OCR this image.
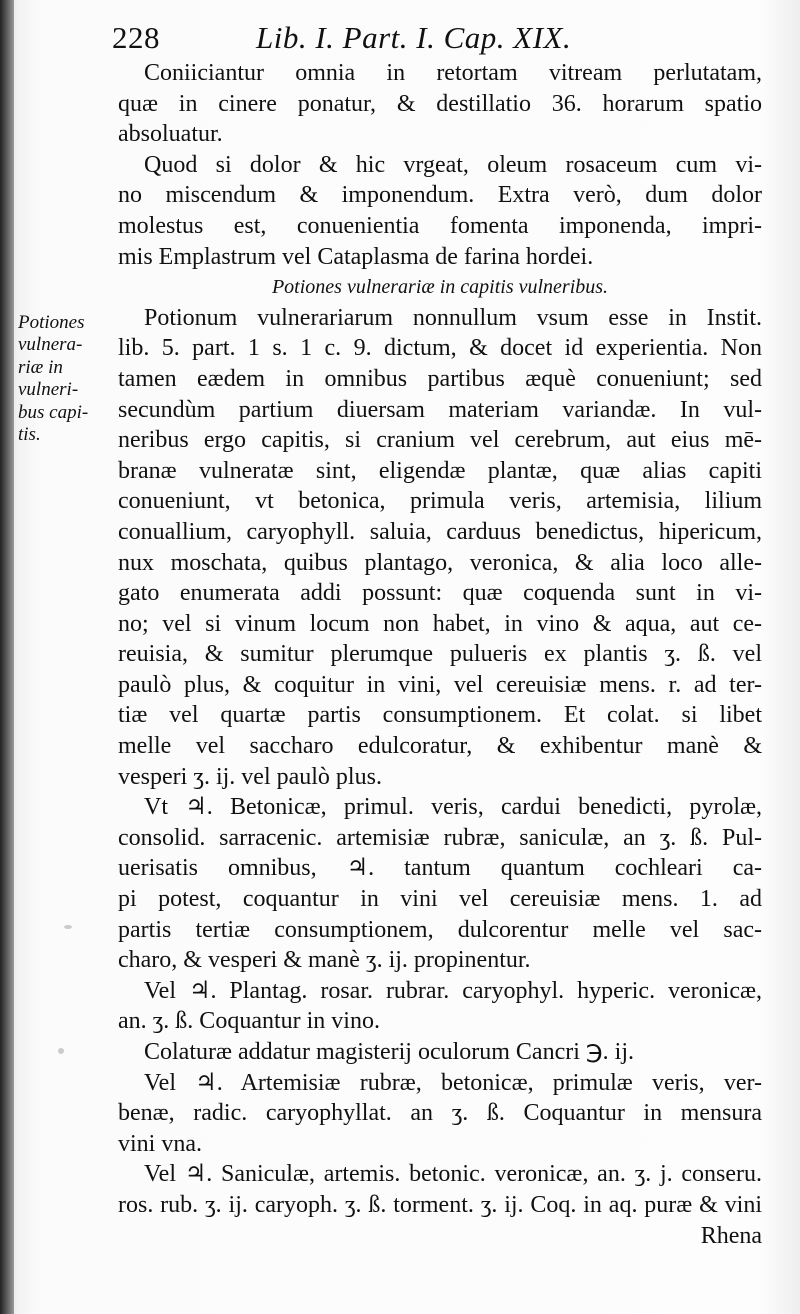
228	Lib. I. Part. I. Cap. XIX.
Potiones
vulnera-
riæ in
vulneri-
bus capi-
tis.
Coniiciantur omnia in retortam vitream perlutatam,
quæ in cinere ponatur, & destillatio 36. horarum spatio
absoluatur.
Quod si dolor & hic vrgeat, oleum rosaceum cum vi-
no miscendum & imponendum. Extra verò, dum dolor
molestus est, conuenientia fomenta imponenda, impri-
mis Emplastrum vel Cataplasma de farina hordei.
Potiones vulnerariæ in capitis vulneribus.
Potionum vulnerariarum nonnullum vsum esse in Instit.
lib. 5. part. 1 s. 1 c. 9. dictum, & docet id experientia. Non
tamen eædem in omnibus partibus æquè conueniunt; sed
secundùm partium diuersam materiam variandæ. In vul-
neribus ergo capitis, si cranium vel cerebrum, aut eius mē-
branæ vulneratæ sint, eligendæ plantæ, quæ alias capiti
conueniunt, vt betonica, primula veris, artemisia, lilium
conuallium, caryophyll. saluia, carduus benedictus, hipericum,
nux moschata, quibus plantago, veronica, & alia loco alle-
gato enumerata addi possunt: quæ coquenda sunt in vi-
no; vel si vinum locum non habet, in vino & aqua, aut ce-
reuisia, & sumitur plerumque pulueris ex plantis ʒ. ß. vel
paulò plus, & coquitur in vini, vel cereuisiæ mens. r. ad ter-
tiæ vel quartæ partis consumptionem. Et colat. si libet
melle vel saccharo edulcoratur, & exhibentur manè &
vesperi ʒ. ij. vel paulò plus.
Vt ♃. Betonicæ, primul. veris, cardui benedicti, pyrolæ,
consolid. sarracenic. artemisiæ rubræ, saniculæ, an ʒ. ß. Pul-
uerisatis omnibus, ♃. tantum quantum cochleari ca-
pi potest, coquantur in vini vel cereuisiæ mens. 1. ad
partis tertiæ consumptionem, dulcorentur melle vel sac-
charo, & vesperi & manè ʒ. ij. propinentur.
Vel ♃. Plantag. rosar. rubrar. caryophyl. hyperic. veronicæ,
an. ʒ. ß. Coquantur in vino.
Colaturæ addatur magisterij oculorum Cancri ℈. ij.
Vel ♃. Artemisiæ rubræ, betonicæ, primulæ veris, ver-
benæ, radic. caryophyllat. an ʒ. ß. Coquantur in mensura
vini vna.
Vel ♃. Saniculæ, artemis. betonic. veronicæ, an. ʒ. j. conseru.
ros. rub. ʒ. ij. caryoph. ʒ. ß. torment. ʒ. ij. Coq. in aq. puræ & vini
Rhena
